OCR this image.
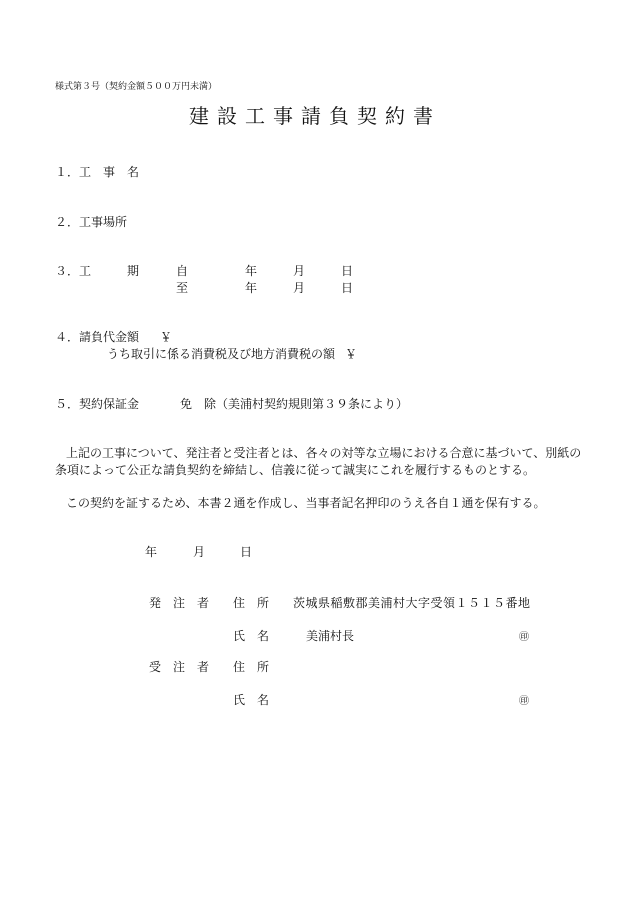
様式第３号（契約金額５００万円未満）
建設工事請負契約書
１．工　事　名
２．工事場所
３．工　　　期	自	年	月	日
至	年	月	日
４．請負代金額 ￥
うち取引に係る消費税及び地方消費税の額 ￥
５．契約保証金	免　除（美浦村契約規則第３９条により）
上記の工事について、発注者と受注者とは、各々の対等な立場における合意に基づいて、別紙の
条項によって公正な請負契約を締結し、信義に従って誠実にこれを履行するものとする。
この契約を証するため、本書２通を作成し、当事者記名押印のうえ各自１通を保有する。
年	月	日
発　注　者 住　所 茨城県稲敷郡美浦村大字受領１５１５番地
氏　名	美浦村長	㊞
受　注　者 住　所
氏　名	㊞
